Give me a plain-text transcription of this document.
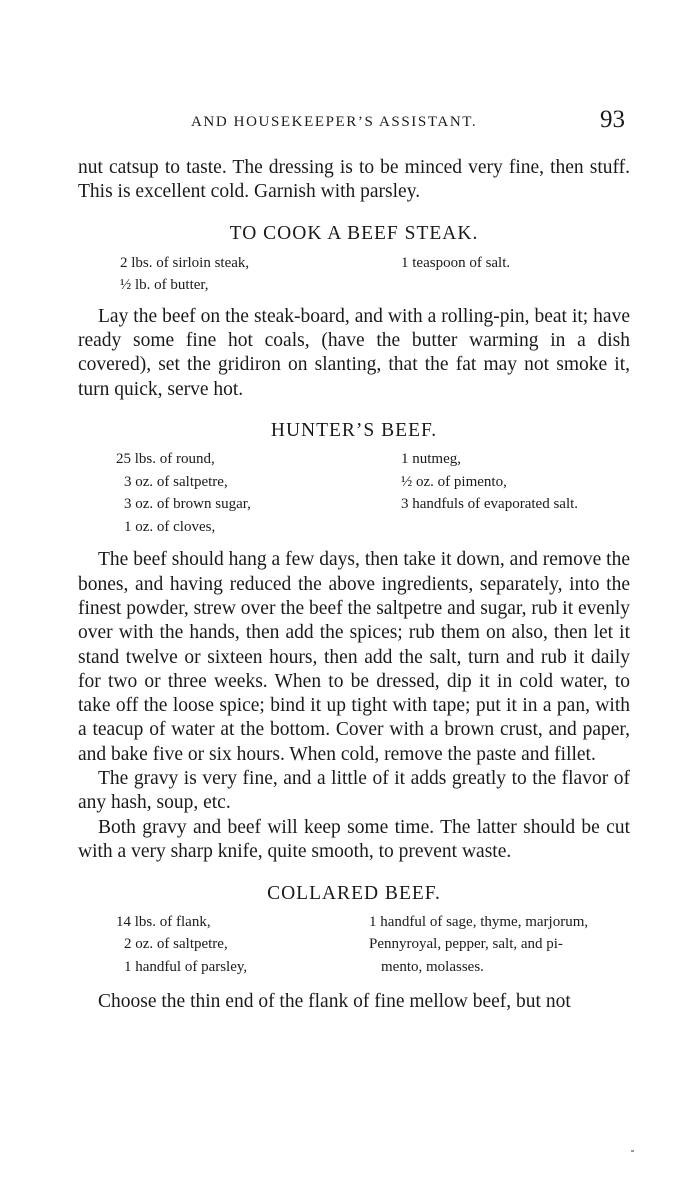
AND HOUSEKEEPER’S ASSISTANT.	93

nut catsup to taste. The dressing is to be minced very fine, then stuff. This is excellent cold. Garnish with parsley.

TO COOK A BEEF STEAK.
2 lbs. of sirloin steak,
½ lb. of butter,
1 teaspoon of salt.

Lay the beef on the steak-board, and with a rolling-pin, beat it; have ready some fine hot coals, (have the butter warming in a dish covered), set the gridiron on slanting, that the fat may not smoke it, turn quick, serve hot.

HUNTER’S BEEF.
25 lbs. of round,
3 oz. of saltpetre,
3 oz. of brown sugar,
1 oz. of cloves,
1 nutmeg,
½ oz. of pimento,
3 handfuls of evaporated salt.

The beef should hang a few days, then take it down, and remove the bones, and having reduced the above ingredients, separately, into the finest powder, strew over the beef the saltpetre and sugar, rub it evenly over with the hands, then add the spices; rub them on also, then let it stand twelve or sixteen hours, then add the salt, turn and rub it daily for two or three weeks. When to be dressed, dip it in cold water, to take off the loose spice; bind it up tight with tape; put it in a pan, with a teacup of water at the bottom. Cover with a brown crust, and paper, and bake five or six hours. When cold, remove the paste and fillet.

The gravy is very fine, and a little of it adds greatly to the flavor of any hash, soup, etc.

Both gravy and beef will keep some time. The latter should be cut with a very sharp knife, quite smooth, to prevent waste.

COLLARED BEEF.
14 lbs. of flank,
2 oz. of saltpetre,
1 handful of parsley,
1 handful of sage, thyme, marjorum,
Pennyroyal, pepper, salt, and pi-
mento, molasses.

Choose the thin end of the flank of fine mellow beef, but not
